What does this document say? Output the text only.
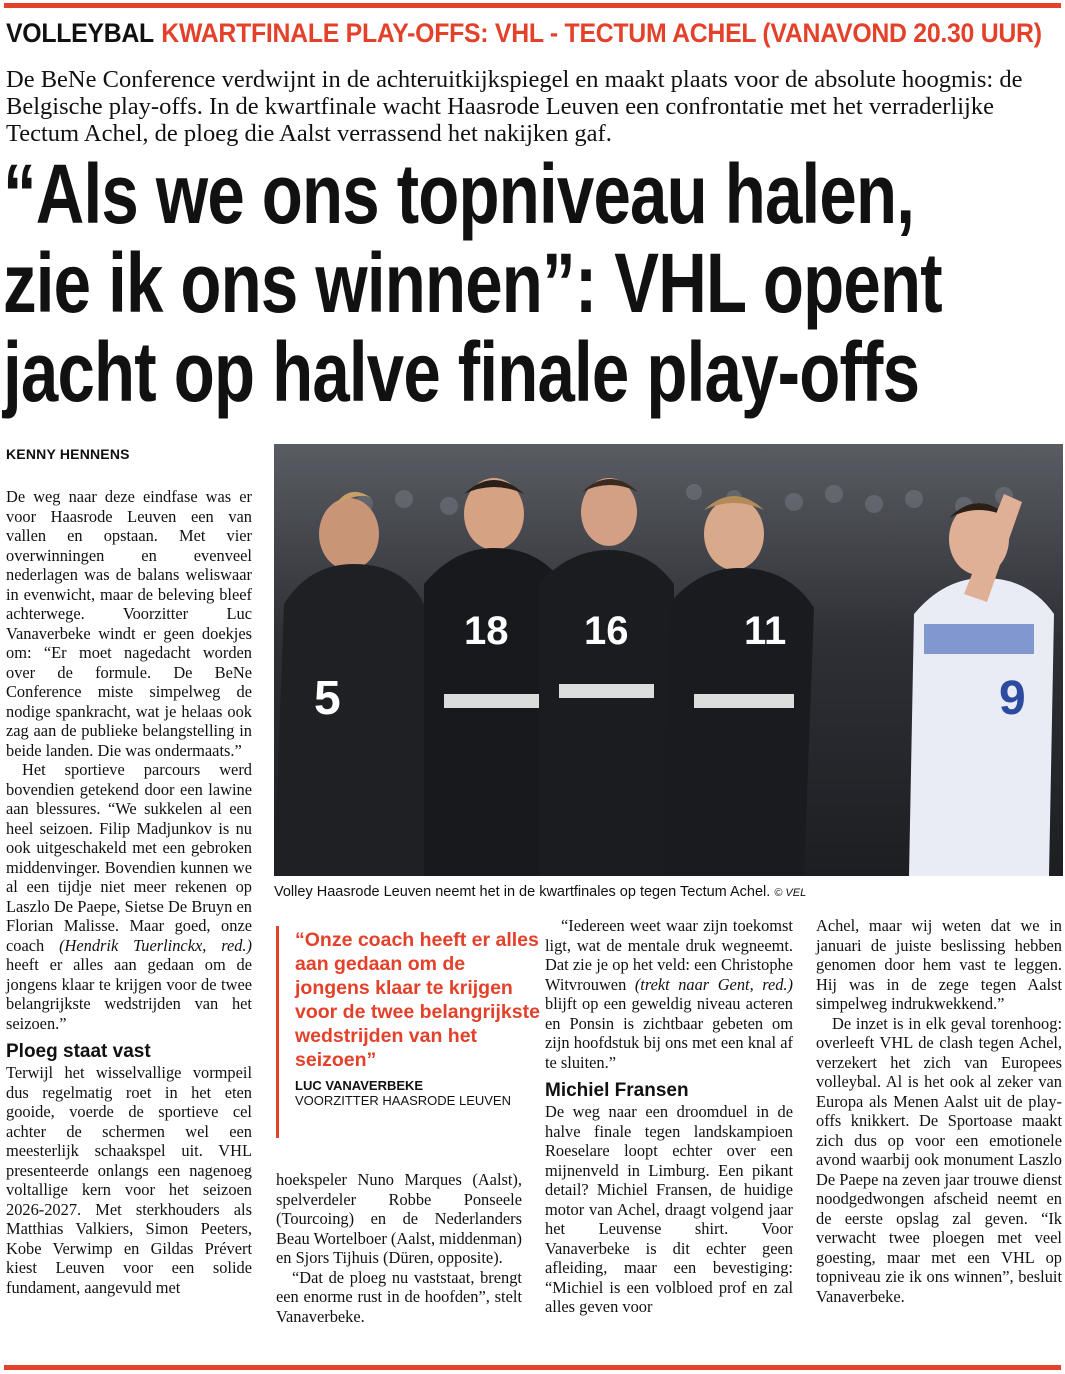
VOLLEYBAL KWARTFINALE PLAY-OFFS: VHL - TECTUM ACHEL (VANAVOND 20.30 UUR)

De BeNe Conference verdwijnt in de achteruitkijkspiegel en maakt plaats voor de absolute hoogmis: de Belgische play-offs. In de kwartfinale wacht Haasrode Leuven een confrontatie met het verraderlijke Tectum Achel, de ploeg die Aalst verrassend het nakijken gaf.

“Als we ons topniveau halen,
zie ik ons winnen”: VHL opent
jacht op halve finale play-offs
KENNY HENNENS

De weg naar deze eindfase was er voor Haasrode Leuven een van vallen en opstaan. Met vier overwinningen en evenveel nederlagen was de balans weliswaar in evenwicht, maar de beleving bleef achterwege. Voorzitter Luc Vanaverbeke windt er geen doekjes om: “Er moet nagedacht worden over de formule. De BeNe Conference miste simpelweg de nodige spankracht, wat je helaas ook zag aan de publieke belangstelling in beide landen. Die was ondermaats.”

Het sportieve parcours werd bovendien getekend door een lawine aan blessures. “We sukkelen al een heel seizoen. Filip Madjunkov is nu ook uitgeschakeld met een gebroken middenvinger. Bovendien kunnen we al een tijdje niet meer rekenen op Laszlo De Paepe, Sietse De Bruyn en Florian Malisse. Maar goed, onze coach (Hendrik Tuerlinckx, red.) heeft er alles aan gedaan om de jongens klaar te krijgen voor de twee belangrijkste wedstrijden van het seizoen.”

Ploeg staat vast

Terwijl het wisselvallige vormpeil dus regelmatig roet in het eten gooide, voerde de sportieve cel achter de schermen wel een meesterlijk schaakspel uit. VHL presenteerde onlangs een nagenoeg voltallige kern voor het seizoen 2026-2027. Met sterkhouders als Matthias Valkiers, Simon Peeters, Kobe Verwimp en Gildas Prévert kiest Leuven voor een solide fundament, aangevuld met

5
18 16	11
9
Volley Haasrode Leuven neemt het in de kwartfinales op tegen Tectum Achel. © VEL
“Onze coach heeft er alles aan gedaan om de jongens klaar te krijgen voor de twee belangrijkste wedstrijden van het seizoen”
LUC VANAVERBEKE
VOORZITTER HAASRODE LEUVEN

hoekspeler Nuno Marques (Aalst), spelverdeler Robbe Ponseele (Tourcoing) en de Nederlanders Beau Wortelboer (Aalst, middenman) en Sjors Tijhuis (Düren, opposite).

“Dat de ploeg nu vaststaat, brengt een enorme rust in de hoofden”, stelt Vanaverbeke.

“Iedereen weet waar zijn toekomst ligt, wat de mentale druk wegneemt. Dat zie je op het veld: een Christophe Witvrouwen (trekt naar Gent, red.) blijft op een geweldig niveau acteren en Ponsin is zichtbaar gebeten om zijn hoofdstuk bij ons met een knal af te sluiten.”

Michiel Fransen

De weg naar een droomduel in de halve finale tegen landskampioen Roeselare loopt echter over een mijnenveld in Limburg. Een pikant detail? Michiel Fransen, de huidige motor van Achel, draagt volgend jaar het Leuvense shirt. Voor Vanaverbeke is dit echter geen afleiding, maar een bevestiging: “Michiel is een volbloed prof en zal alles geven voor

Achel, maar wij weten dat we in januari de juiste beslissing hebben genomen door hem vast te leggen. Hij was in de zege tegen Aalst simpelweg indrukwekkend.”

De inzet is in elk geval torenhoog: overleeft VHL de clash tegen Achel, verzekert het zich van Europees volleybal. Al is het ook al zeker van Europa als Menen Aalst uit de play-offs knikkert. De Sportoase maakt zich dus op voor een emotionele avond waarbij ook monument Laszlo De Paepe na zeven jaar trouwe dienst noodgedwongen afscheid neemt en de eerste opslag zal geven. “Ik verwacht twee ploegen met veel goesting, maar met een VHL op topniveau zie ik ons winnen”, besluit Vanaverbeke.
